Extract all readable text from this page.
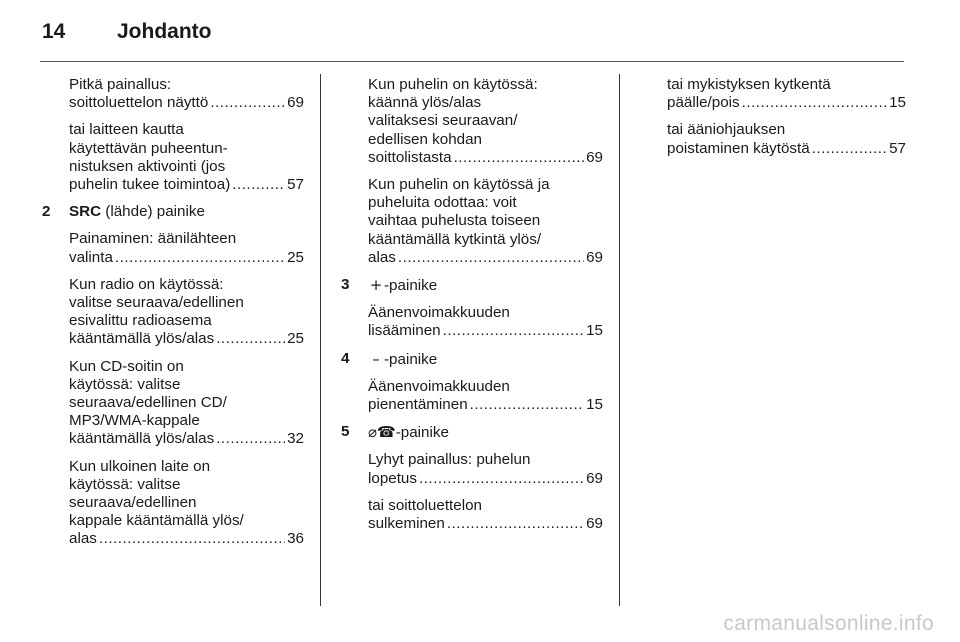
14 Johdanto
Pitkä painallus:
soittoluettelon näyttö .....	69
tai laitteen kautta
käytettävän puheentun-
nistuksen aktivointi (jos
puhelin tukee toimintoa) .....	57
2	SRC (lähde) painike
Painaminen: äänilähteen
valinta .....	25
Kun radio on käytössä:
valitse seuraava/edellinen
esivalittu radioasema
kääntämällä ylös/alas .....	25
Kun CD-soitin on
käytössä: valitse
seuraava/edellinen CD/
MP3/WMA-kappale
kääntämällä ylös/alas .....	32
Kun ulkoinen laite on
käytössä: valitse
seuraava/edellinen
kappale kääntämällä ylös/
alas .....	36
Kun puhelin on käytössä:
käännä ylös/alas
valitaksesi seuraavan/
edellisen kohdan
soittolistasta .....	69
Kun puhelin on käytössä ja
puheluita odottaa: voit
vaihtaa puhelusta toiseen
kääntämällä kytkintä ylös/
alas .....	69
3	+ -painike
Äänenvoimakkuuden
lisääminen .....	15
4	– -painike
Äänenvoimakkuuden
pienentäminen .....	15
5	⌀☎-painike
Lyhyt painallus: puhelun
lopetus .....	69
tai soittoluettelon
sulkeminen .....	69
tai mykistyksen kytkentä
päälle/pois .....	15
tai ääniohjauksen
poistaminen käytöstä .....	57
carmanualsonline.info
